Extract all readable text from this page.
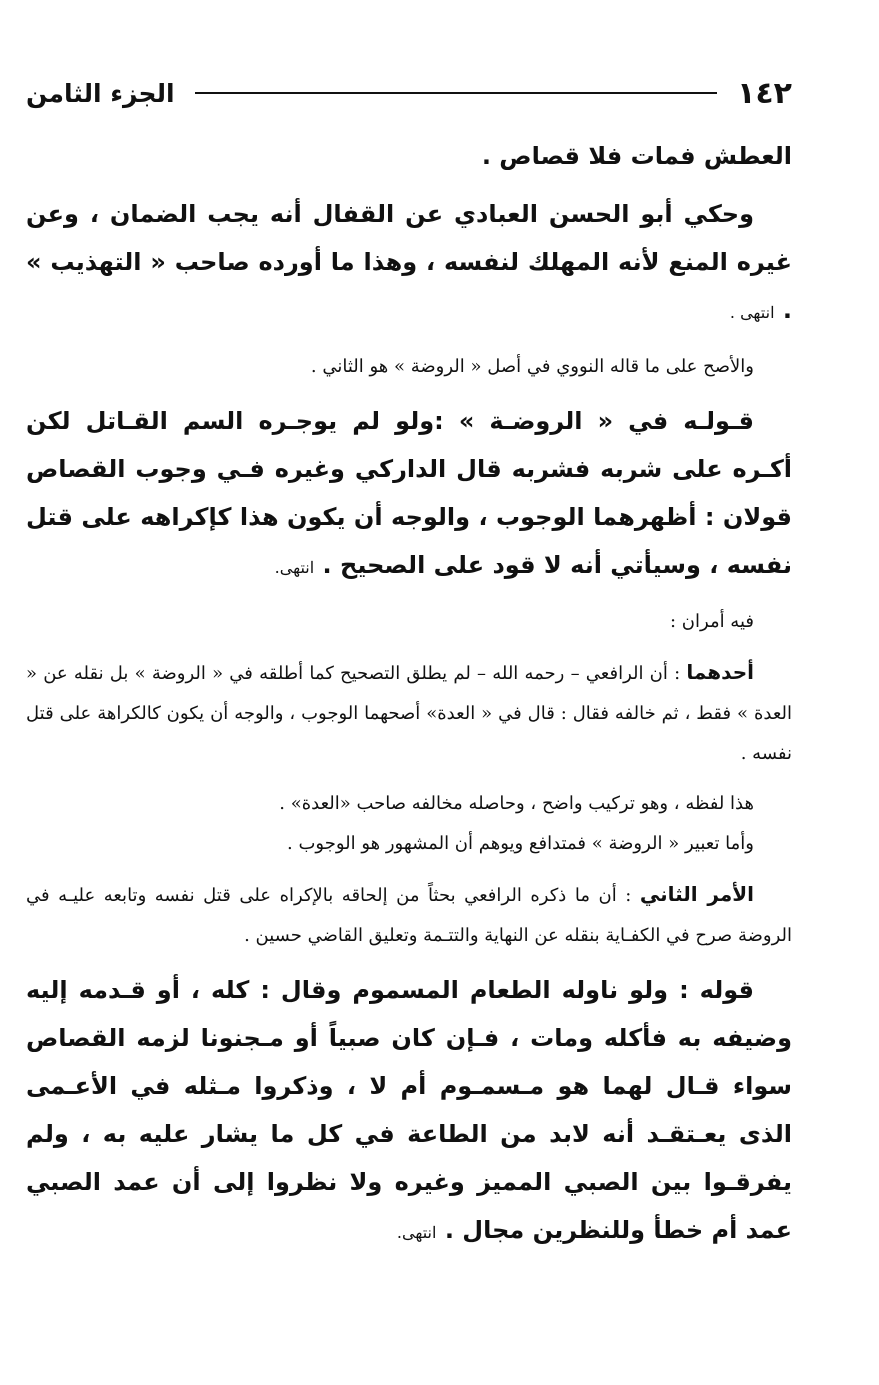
١٤٢
الجزء الثامن

العطش فمات فلا قصاص .

وحكي أبو الحسن العبادي عن القفال أنه يجب الضمان ، وعن غيره المنع لأنه المهلك لنفسه ، وهذا ما أورده صاحب « التهذيب » . انتهى .

والأصح على ما قاله النووي في أصل « الروضة » هو الثاني .

قـولـه في « الروضـة » :ولو لم يوجـره السم القـاتل لكن أكـره على شربه فشربه قال الداركي وغيره فـي وجوب القصاص قولان : أظهرهما الوجوب ، والوجه أن يكون هذا كإكراهه على قتل نفسه ، وسيأتي أنه لا قود على الصحيح . انتهى.

فيه أمران :

أحدهما : أن الرافعي – رحمه الله – لم يطلق التصحيح كما أطلقه في « الروضة » بل نقله عن « العدة » فقط ، ثم خالفه فقال : قال في « العدة» أصحهما الوجوب ، والوجه أن يكون كالكراهة على قتل نفسه .

هذا لفظه ، وهو تركيب واضح ، وحاصله مخالفه صاحب «العدة» .

وأما تعبير « الروضة » فمتدافع ويوهم أن المشهور هو الوجوب .

الأمر الثاني : أن ما ذكره الرافعي بحثاً من إلحاقه بالإكراه على قتل نفسه وتابعه عليـه في الروضة صرح في الكفـاية بنقله عن النهاية والتتـمة وتعليق القاضي حسين .

قوله : ولو ناوله الطعام المسموم وقال : كله ، أو قـدمه إليه وضيفه به فأكله ومات ، فـإن كان صبياً أو مـجنونا لزمه القصاص سواء قـال لهما هو مـسمـوم أم لا ، وذكروا مـثله في الأعـمى الذى يعـتقـد أنه لابد من الطاعة في كل ما يشار عليه به ، ولم يفرقـوا بين الصبي المميز وغيره ولا نظروا إلى أن عمد الصبي عمد أم خطأ وللنظرين مجال . انتهى.
